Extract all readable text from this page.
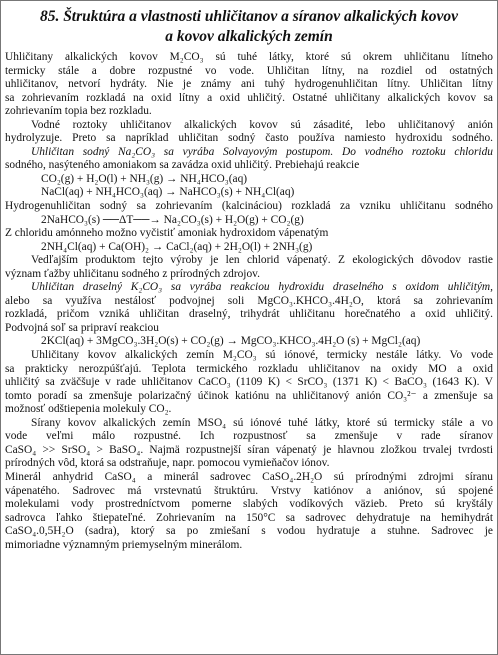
85. Štruktúra a vlastnosti uhličitanov a síranov alkalických kovov
a kovov alkalických zemín
Uhličitany alkalických kovov M₂CO₃ sú tuhé látky, ktoré sú okrem uhličitanu lítneho
termicky stále a dobre rozpustné vo vode. Uhličitan lítny, na rozdiel od ostatných
uhličitanov, netvorí hydráty. Nie je známy ani tuhý hydrogenuhličitan lítny. Uhličitan lítny
sa zohrievaním rozkladá na oxid lítny a oxid uhličitý. Ostatné uhličitany alkalických kovov sa
zohrievaním topia bez rozkladu.
Vodné roztoky uhličitanov alkalických kovov sú zásadité, lebo uhličitanový anión
hydrolyzuje. Preto sa napríklad uhličitan sodný často používa namiesto hydroxidu sodného.
Uhličitan sodný Na₂CO₃ sa vyrába Solvayovým postupom. Do vodného roztoku chloridu
sodného, nasýteného amoniakom sa zavádza oxid uhličitý. Prebiehajú reakcie
CO₂(g) + H₂O(l) + NH₃(g) → NH₄HCO₃(aq)
NaCl(aq) + NH₄HCO₃(aq) → NaHCO₃(s) + NH₄Cl(aq)
Hydrogenuhličitan sodný sa zohrievaním (kalcináciou) rozkladá za vzniku uhličitanu sodného
2NaHCO₃(s) ──ΔT──→ Na₂CO₃(s) + H₂O(g) + CO₂(g)
Z chloridu amónneho možno vyčistiť amoniak hydroxidom vápenatým
2NH₄Cl(aq) + Ca(OH)₂ → CaCl₂(aq) + 2H₂O(l) + 2NH₃(g)
Vedľajším produktom tejto výroby je len chlorid vápenatý. Z ekologických dôvodov rastie
význam ťažby uhličitanu sodného z prírodných zdrojov.
Uhličitan draselný K₂CO₃ sa vyrába reakciou hydroxidu draselného s oxidom uhličitým,
alebo sa využíva nestálosť podvojnej soli MgCO₃.KHCO₃.4H₂O, ktorá sa zohrievaním
rozkladá, pričom vzniká uhličitan draselný, trihydrát uhličitanu horečnatého a oxid uhličitý.
Podvojná soľ sa pripraví reakciou
2KCl(aq) + 3MgCO₃.3H₂O(s) + CO₂(g) → MgCO₃.KHCO₃.4H₂O (s) + MgCl₂(aq)
Uhličitany kovov alkalických zemín M₂CO₃ sú iónové, termicky nestále látky. Vo vode
sa prakticky nerozpúšťajú. Teplota termického rozkladu uhličitanov na oxidy MO a oxid
uhličitý sa zväčšuje v rade uhličitanov CaCO₃ (1109 K) < SrCO₃ (1371 K) < BaCO₃ (1643 K). V
tomto poradí sa zmenšuje polarizačný účinok katiónu na uhličitanový anión CO₃²⁻ a zmenšuje sa
možnosť odštiepenia molekuly CO₂.
Sírany kovov alkalických zemín MSO₄ sú iónové tuhé látky, ktoré sú termicky stále a vo
vode veľmi málo rozpustné. Ich rozpustnosť sa zmenšuje v rade síranov
CaSO₄ >> SrSO₄ > BaSO₄. Najmä rozpustnejší síran vápenatý je hlavnou zložkou trvalej tvrdosti
prírodných vôd, ktorá sa odstraňuje, napr. pomocou vymieňačov iónov.
Minerál anhydrid CaSO₄ a minerál sadrovec CaSO₄.2H₂O sú prírodnými zdrojmi síranu
vápenatého. Sadrovec má vrstevnatú štruktúru. Vrstvy katiónov a aniónov, sú spojené
molekulami vody prostredníctvom pomerne slabých vodíkových väzieb. Preto sú kryštály
sadrovca ľahko štiepateľné. Zohrievaním na 150°C sa sadrovec dehydratuje na hemihydrát
CaSO₄.0,5H₂O (sadra), ktorý sa po zmiešaní s vodou hydratuje a stuhne. Sadrovec je
mimoriadne významným priemyselným minerálom.
